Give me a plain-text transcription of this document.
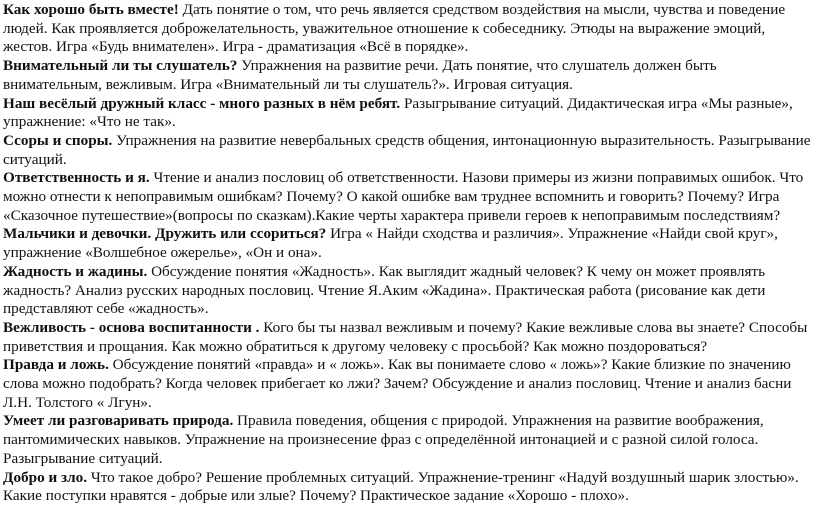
Как хорошо быть вместе! Дать понятие о том, что речь является средством воздействия на мысли, чувства и поведение людей. Как проявляется доброжелательность, уважительное отношение к собеседнику. Этюды на выражение эмоций, жестов. Игра «Будь внимателен». Игра - драматизация «Всё в порядке».

Внимательный ли ты слушатель? Упражнения на развитие речи. Дать понятие, что слушатель должен быть внимательным, вежливым. Игра «Внимательный ли ты слушатель?». Игровая ситуация.

Наш весёлый дружный класс - много разных в нём ребят. Разыгрывание ситуаций. Дидактическая игра «Мы разные», упражнение: «Что не так».

Ссоры и споры. Упражнения на развитие невербальных средств общения, интонационную выразительность. Разыгрывание ситуаций.

Ответственность и я. Чтение и анализ пословиц об ответственности. Назови примеры из жизни поправимых ошибок. Что можно отнести к непоправимым ошибкам? Почему? О какой ошибке вам труднее вспомнить и говорить? Почему? Игра «Сказочное путешествие»(вопросы по сказкам).Какие черты характера привели героев к непоправимым последствиям?

Мальчики и девочки. Дружить или ссориться? Игра « Найди сходства и различия». Упражнение «Найди свой круг», упражнение «Волшебное ожерелье», «Он и она».

Жадность и жадины. Обсуждение понятия «Жадность». Как выглядит жадный человек? К чему он может проявлять жадность? Анализ русских народных пословиц. Чтение Я.Аким «Жадина». Практическая работа (рисование как дети представляют себе «жадность».

Вежливость - основа воспитанности . Кого бы ты назвал вежливым и почему? Какие вежливые слова вы знаете? Способы приветствия и прощания. Как можно обратиться к другому человеку с просьбой? Как можно поздороваться?

Правда и ложь. Обсуждение понятий «правда» и « ложь». Как вы понимаете слово « ложь»? Какие близкие по значению слова можно подобрать? Когда человек прибегает ко лжи? Зачем? Обсуждение и анализ пословиц. Чтение и анализ басни Л.Н. Толстого « Лгун».

Умеет ли разговаривать природа. Правила поведения, общения с природой. Упражнения на развитие воображения, пантомимических навыков. Упражнение на произнесение фраз с определённой интонацией и с разной силой голоса. Разыгрывание ситуаций.

Добро и зло. Что такое добро? Решение проблемных ситуаций. Упражнение-тренинг «Надуй воздушный шарик злостью». Какие поступки нравятся - добрые или злые? Почему? Практическое задание «Хорошо - плохо».
